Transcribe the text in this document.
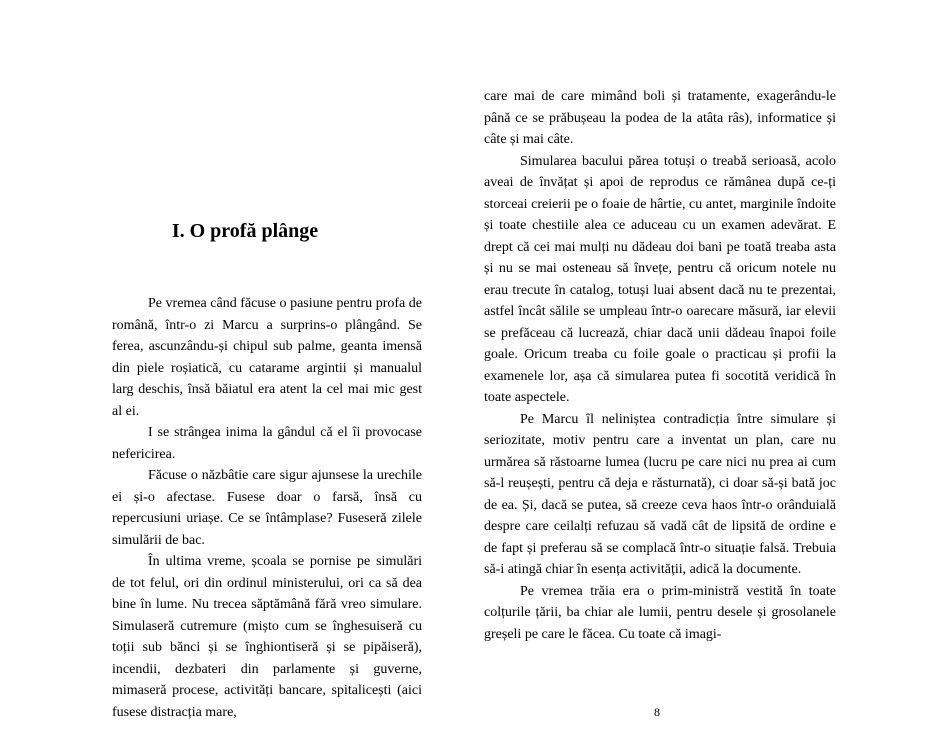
I. O profă plânge

Pe vremea când făcuse o pasiune pentru profa de română, într-o zi Marcu a surprins-o plângând. Se ferea, ascunzându-și chipul sub palme, geanta imensă din piele roșiatică, cu catarame argintii și manualul larg deschis, însă băiatul era atent la cel mai mic gest al ei.

I se strângea inima la gândul că el îi provocase nefericirea.

Făcuse o năzbâtie care sigur ajunsese la urechile ei și-o afectase. Fusese doar o farsă, însă cu repercusiuni uriașe. Ce se întâmplase? Fuseseră zilele simulării de bac.

În ultima vreme, școala se pornise pe simulări de tot felul, ori din ordinul ministerului, ori ca să dea bine în lume. Nu trecea săptămână fără vreo simulare. Simulaseră cutremure (mișto cum se înghesuiseră cu toții sub bănci și se înghiontiseră și se pipăiseră), incendii, dezbateri din parlamente și guverne, mimaseră procese, activități bancare, spitalicești (aici fusese distracția mare,

care mai de care mimând boli și tratamente, exagerându-le până ce se prăbușeau la podea de la atâta râs), informatice și câte și mai câte.

Simularea bacului părea totuși o treabă serioasă, acolo aveai de învățat și apoi de reprodus ce rămânea după ce-ți storceai creierii pe o foaie de hârtie, cu antet, marginile îndoite și toate chestiile alea ce aduceau cu un examen adevărat. E drept că cei mai mulți nu dădeau doi bani pe toată treaba asta și nu se mai osteneau să învețe, pentru că oricum notele nu erau trecute în catalog, totuși luai absent dacă nu te prezentai, astfel încât sălile se umpleau într-o oarecare măsură, iar elevii se prefăceau că lucrează, chiar dacă unii dădeau înapoi foile goale. Oricum treaba cu foile goale o practicau și profii la examenele lor, așa că simularea putea fi socotită veridică în toate aspectele.

Pe Marcu îl neliniștea contradicția între simulare și seriozitate, motiv pentru care a inventat un plan, care nu urmărea să răstoarne lumea (lucru pe care nici nu prea ai cum să-l reușești, pentru că deja e răsturnată), ci doar să-și bată joc de ea. Și, dacă se putea, să creeze ceva haos într-o orânduială despre care ceilalți refuzau să vadă cât de lipsită de ordine e de fapt și preferau să se complacă într-o situație falsă. Trebuia să-i atingă chiar în esența activității, adică la documente.

Pe vremea trăia era o prim-ministră vestită în toate colțurile țării, ba chiar ale lumii, pentru desele și grosolanele greșeli pe care le făcea. Cu toate că imagi-

8
